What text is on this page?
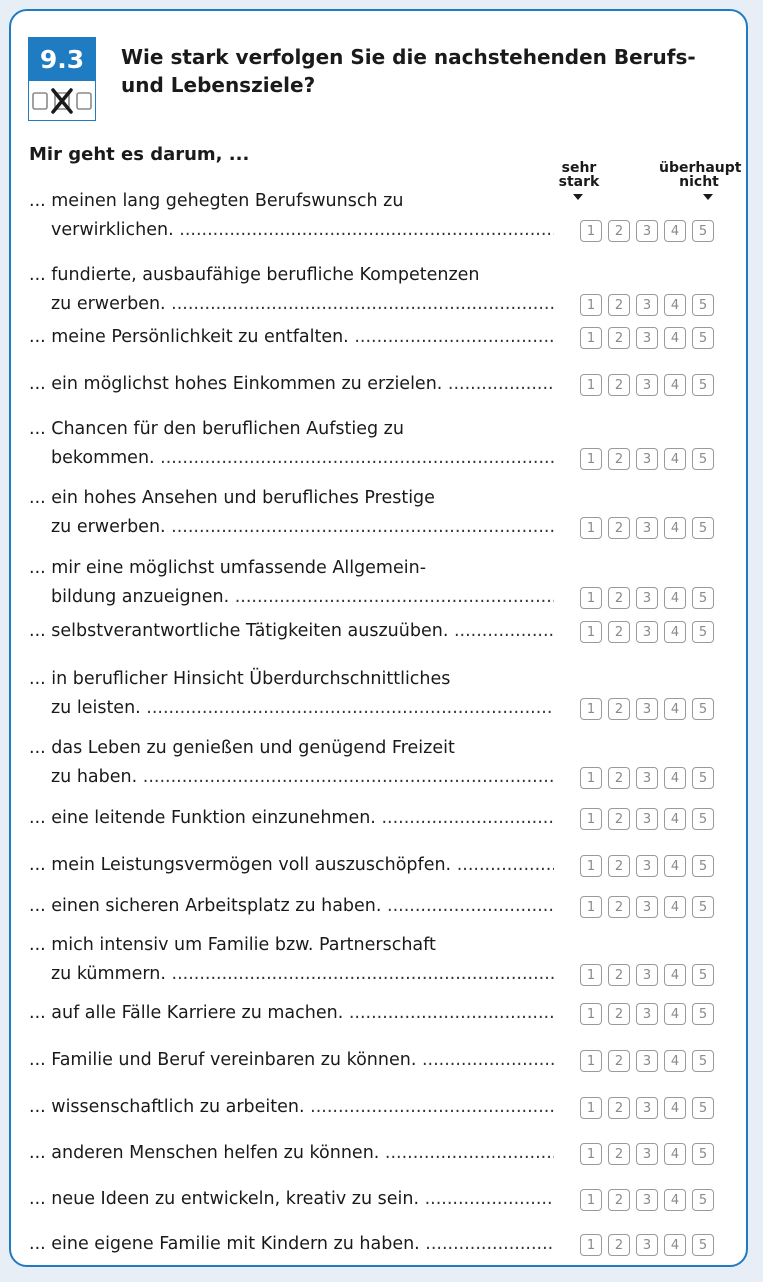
9.3 Wie stark verfolgen Sie die nachstehenden Berufs- und Lebensziele?
Mir geht es darum, ...
sehr
stark
überhaupt
nicht
... meinen lang gehegten Berufswunsch zu
verwirklichen. .....	1	2	3	4	5
... fundierte, ausbaufähige berufliche Kompetenzen
zu erwerben. .....	1	2	3	4	5
... meine Persönlichkeit zu entfalten. .....	1	2	3	4	5
... ein möglichst hohes Einkommen zu erzielen. .....	1	2	3	4	5
... Chancen für den beruflichen Aufstieg zu
bekommen. .....	1	2	3	4	5
... ein hohes Ansehen und berufliches Prestige
zu erwerben. .....	1	2	3	4	5
... mir eine möglichst umfassende Allgemein-
bildung anzueignen. .....	1	2	3	4	5
... selbstverantwortliche Tätigkeiten auszuüben. .....	1	2	3	4	5
... in beruflicher Hinsicht Überdurchschnittliches
zu leisten. .....	1	2	3	4	5
... das Leben zu genießen und genügend Freizeit
zu haben. .....	1	2	3	4	5
... eine leitende Funktion einzunehmen. .....	1	2	3	4	5
... mein Leistungsvermögen voll auszuschöpfen. .....	1	2	3	4	5
... einen sicheren Arbeitsplatz zu haben. .....	1	2	3	4	5
... mich intensiv um Familie bzw. Partnerschaft
zu kümmern. .....	1	2	3	4	5
... auf alle Fälle Karriere zu machen. .....	1	2	3	4	5
... Familie und Beruf vereinbaren zu können. .....	1	2	3	4	5
... wissenschaftlich zu arbeiten. .....	1	2	3	4	5
... anderen Menschen helfen zu können. .....	1	2	3	4	5
... neue Ideen zu entwickeln, kreativ zu sein. .....	1	2	3	4	5
... eine eigene Familie mit Kindern zu haben. .....	1	2	3	4	5
